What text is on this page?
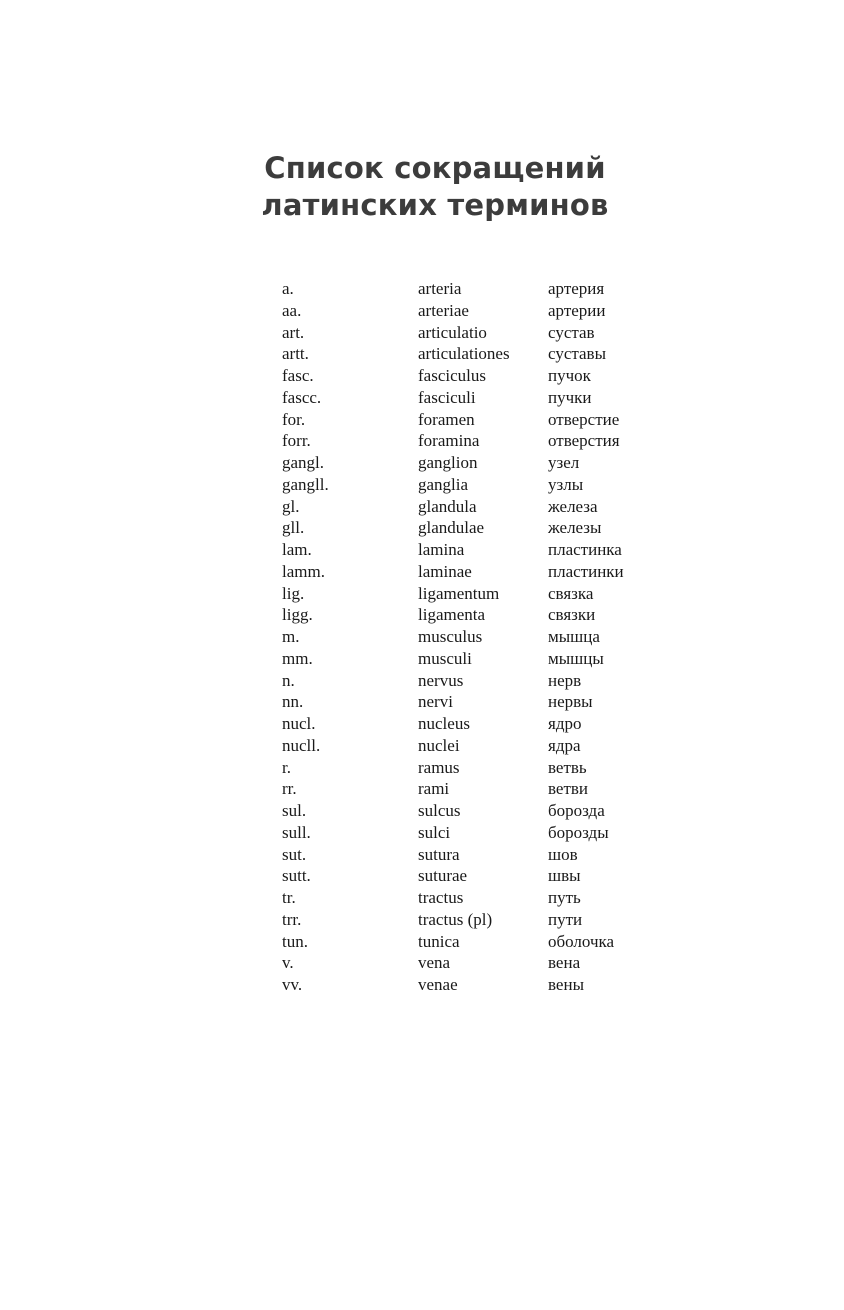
Список сокращений
латинских терминов
a.	arteria	артерия
aa.	arteriae	артерии
art.	articulatio	сустав
artt.	articulationes суставы
fasc.	fasciculus	пучок
fascc.	fasciculi	пучки
for.	foramen	отверстие
forr.	foramina	отверстия
gangl.	ganglion	узел
gangll.	ganglia	узлы
gl.	glandula	железа
gll.	glandulae	железы
lam.	lamina	пластинка
lamm.	laminae	пластинки
lig.	ligamentum	связка
ligg.	ligamenta	связки
m.	musculus	мышца
mm.	musculi	мышцы
n.	nervus	нерв
nn.	nervi	нервы
nucl.	nucleus	ядро
nucll.	nuclei	ядра
r.	ramus	ветвь
rr.	rami	ветви
sul.	sulcus	борозда
sull.	sulci	борозды
sut.	sutura	шов
sutt.	suturae	швы
tr.	tractus	путь
trr.	tractus (pl)	пути
tun.	tunica	оболочка
v.	vena	вена
vv.	venae	вены
